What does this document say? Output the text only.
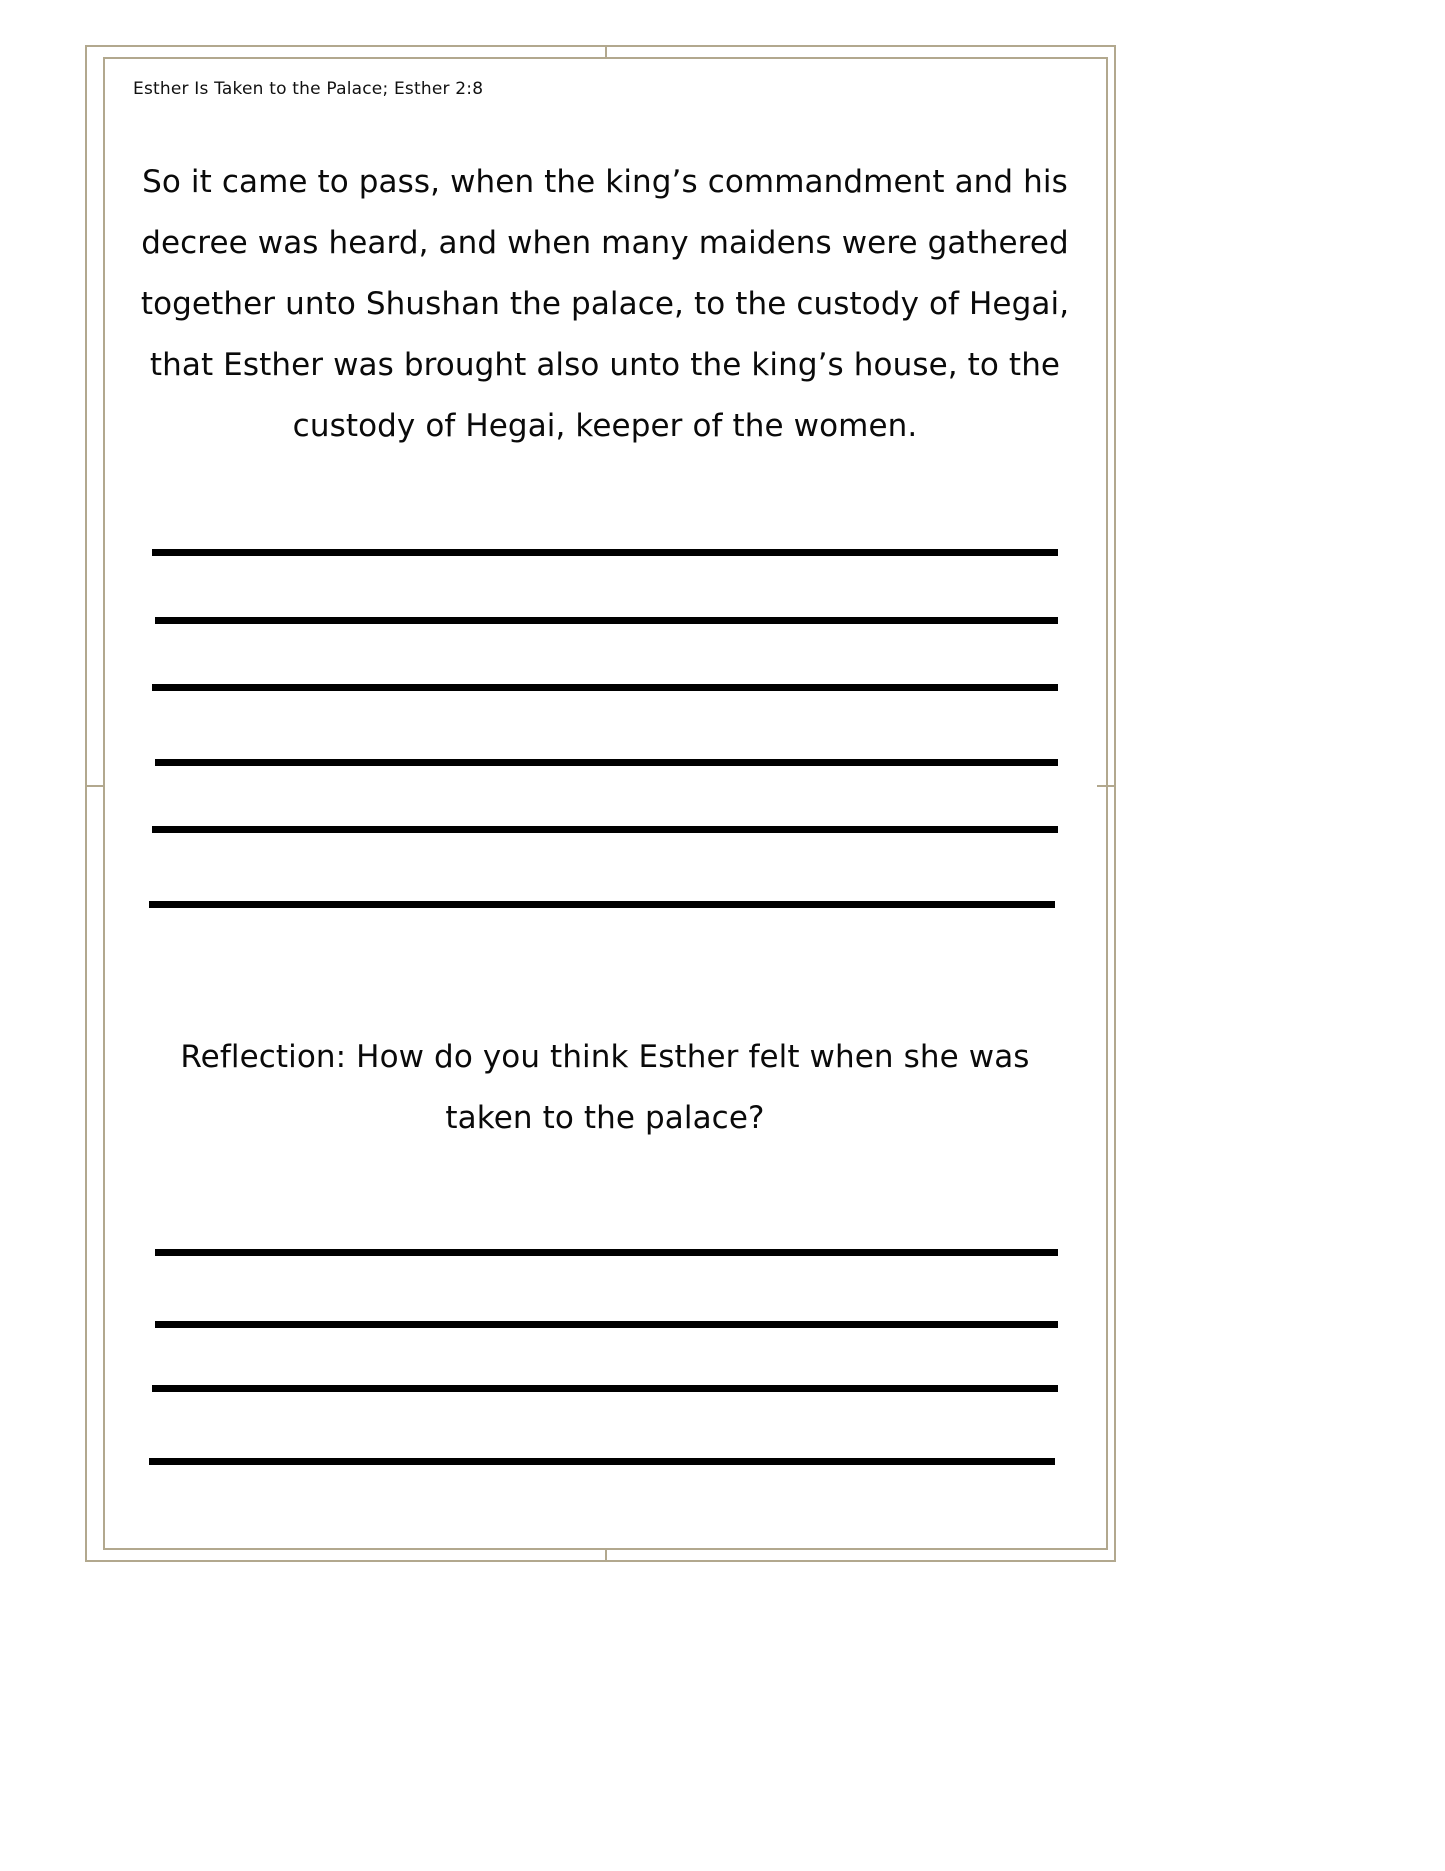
Esther Is Taken to the Palace; Esther 2:8
So it came to pass, when the king’s commandment and his
decree was heard, and when many maidens were gathered
together unto Shushan the palace, to the custody of Hegai,
that Esther was brought also unto the king’s house, to the
custody of Hegai, keeper of the women.
Reflection: How do you think Esther felt when she was
taken to the palace?
